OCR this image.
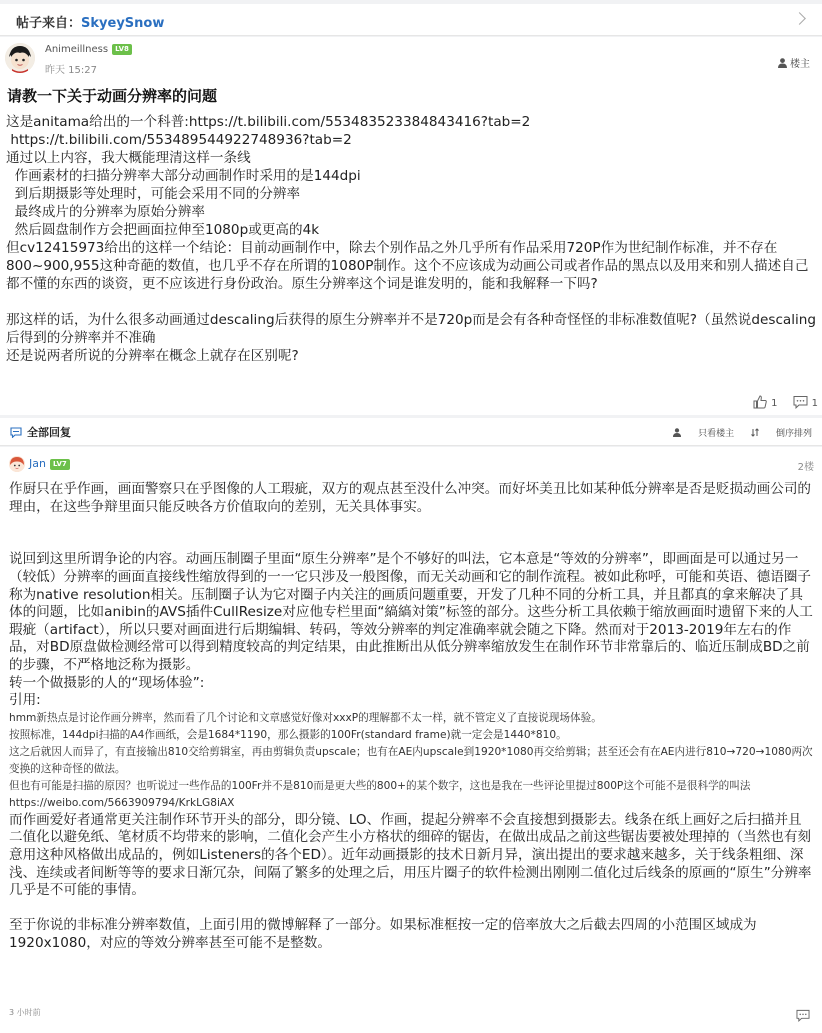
帖子来自：SkyeySnow
Animeillness LV8
昨天 15:27
楼主
请教一下关于动画分辨率的问题
这是anitama给出的一个科普:https://t.bilibili.com/553483523384843416?tab=2
https://t.bilibili.com/553489544922748936?tab=2
通过以上内容，我大概能理清这样一条线
作画素材的扫描分辨率大部分动画制作时采用的是144dpi
到后期摄影等处理时，可能会采用不同的分辨率
最终成片的分辨率为原始分辨率
然后圆盘制作方会把画面拉伸至1080p或更高的4k
但cv12415973给出的这样一个结论：目前动画制作中，除去个别作品之外几乎所有作品采用720P作为世纪制作标准，并不存在800~900,955这种奇葩的数值，也几乎不存在所谓的1080P制作。这个不应该成为动画公司或者作品的黑点以及用来和别人描述自己都不懂的东西的谈资，更不应该进行身份政治。原生分辨率这个词是谁发明的，能和我解释一下吗?
那这样的话，为什么很多动画通过descaling后获得的原生分辨率并不是720p而是会有各种奇怪怪的非标准数值呢?（虽然说descaling后得到的分辨率并不准确
还是说两者所说的分辨率在概念上就存在区别呢?
1	1
全部回复	只看楼主	倒序排列
Jan LV7	2楼
作厨只在乎作画，画面警察只在乎图像的人工瑕疵，双方的观点甚至没什么冲突。而好坏美丑比如某种低分辨率是否是贬损动画公司的理由，在这些争辩里面只能反映各方价值取向的差别，无关具体事实。
说回到这里所谓争论的内容。动画压制圈子里面“原生分辨率”是个不够好的叫法，它本意是“等效的分辨率”，即画面是可以通过另一（较低）分辨率的画面直接线性缩放得到的一一它只涉及一般图像，而无关动画和它的制作流程。被如此称呼，可能和英语、德语圈子称为native resolution相关。压制圈子认为它对圈子内关注的画质问题重要，开发了几种不同的分析工具，并且都真的拿来解决了具体的问题，比如anibin的AVS插件CullResize对应他专栏里面“縞縞対策”标签的部分。这些分析工具依赖于缩放画面时遗留下来的人工瑕疵（artifact），所以只要对画面进行后期编辑、转码，等效分辨率的判定准确率就会随之下降。然而对于2013-2019年左右的作品，对BD原盘做检测经常可以得到精度较高的判定结果，由此推断出从低分辨率缩放发生在制作环节非常靠后的、临近压制成BD之前的步骤，不严格地泛称为摄影。
转一个做摄影的人的“现场体验”:
引用:
hmm新热点是讨论作画分辨率，然而看了几个讨论和文章感觉好像对xxxP的理解都不太一样，就不管定义了直接说现场体验。
按照标准，144dpi扫描的A4作画纸，会是1684*1190，那么摄影的100Fr(standard frame)就一定会是1440*810。
这之后就因人而异了，有直接输出810交给剪辑室，再由剪辑负责upscale；也有在AE内upscale到1920*1080再交给剪辑；甚至还会有在AE内进行810→720→1080两次变换的这种奇怪的做法。
但也有可能是扫描的原因？也听说过一些作品的100Fr并不是810而是更大些的800+的某个数字，这也是我在一些评论里提过800P这个可能不是很科学的叫法
https://weibo.com/5663909794/KrkLG8iAX
而作画爱好者通常更关注制作环节开头的部分，即分镜、LO、作画，提起分辨率不会直接想到摄影去。线条在纸上画好之后扫描并且二值化以避免纸、笔材质不均带来的影响，二值化会产生小方格状的细碎的锯齿，在做出成品之前这些锯齿要被处理掉的（当然也有刻意用这种风格做出成品的，例如Listeners的各个ED）。近年动画摄影的技术日新月异，演出提出的要求越来越多，关于线条粗细、深浅、连续或者间断等等的要求日渐冗杂，间隔了繁多的处理之后，用压片圈子的软件检测出刚刚二值化过后线条的原画的“原生”分辨率几乎是不可能的事情。
至于你说的非标准分辨率数值，上面引用的微博解释了一部分。如果标准框按一定的倍率放大之后截去四周的小范围区域成为1920x1080，对应的等效分辨率甚至可能不是整数。
3 小时前
